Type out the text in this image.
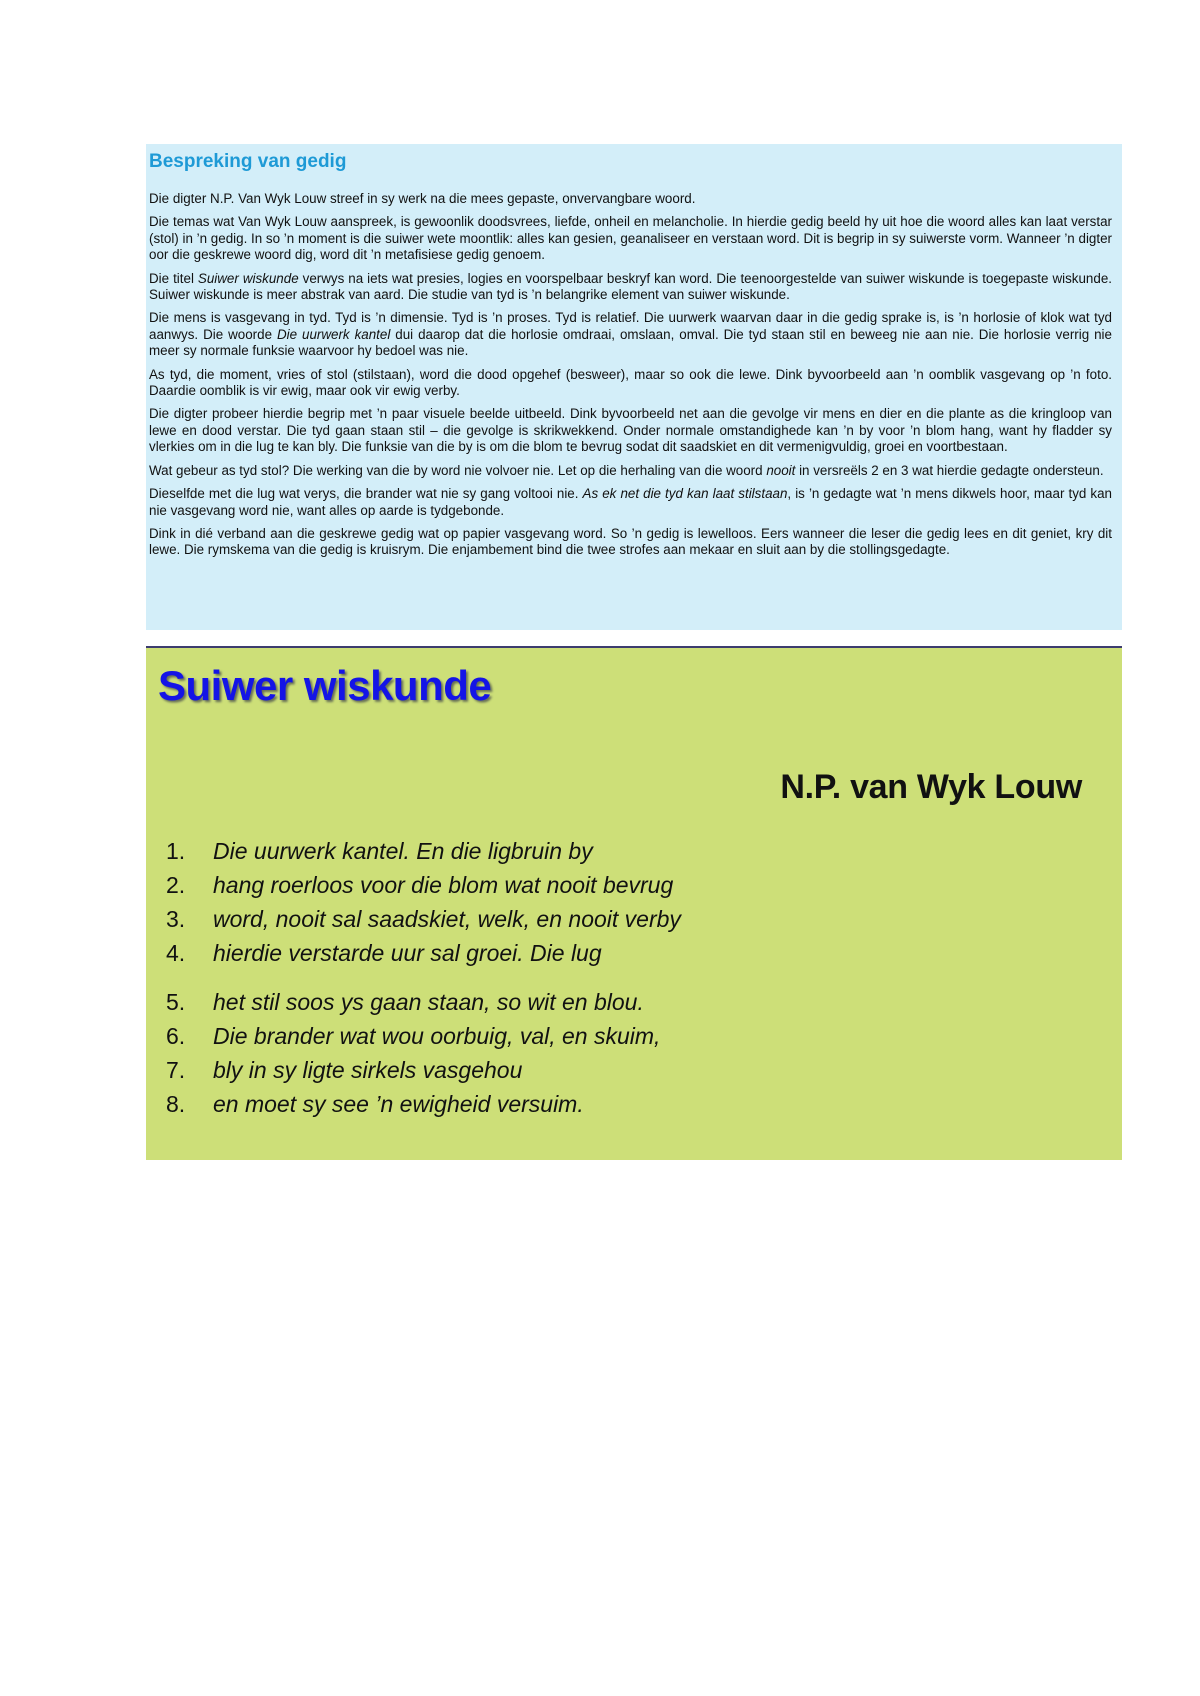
Bespreking van gedig

Die digter N.P. Van Wyk Louw streef in sy werk na die mees gepaste, onvervangbare woord.

Die temas wat Van Wyk Louw aanspreek, is gewoonlik doodsvrees, liefde, onheil en melancholie. In hierdie gedig beeld hy uit hoe die woord alles kan laat verstar (stol) in ’n gedig. In so ’n moment is die suiwer wete moontlik: alles kan gesien, geanaliseer en verstaan word. Dit is begrip in sy suiwerste vorm. Wanneer ’n digter oor die geskrewe woord dig, word dit ’n metafisiese gedig genoem.

Die titel Suiwer wiskunde verwys na iets wat presies, logies en voorspelbaar beskryf kan word. Die teenoorgestelde van suiwer wiskunde is toegepaste wiskunde. Suiwer wiskunde is meer abstrak van aard. Die studie van tyd is ’n belangrike element van suiwer wiskunde.

Die mens is vasgevang in tyd. Tyd is ’n dimensie. Tyd is ’n proses. Tyd is relatief. Die uurwerk waarvan daar in die gedig sprake is, is ’n horlosie of klok wat tyd aanwys. Die woorde Die uurwerk kantel dui daarop dat die horlosie omdraai, omslaan, omval. Die tyd staan stil en beweeg nie aan nie. Die horlosie verrig nie meer sy normale funksie waarvoor hy bedoel was nie.

As tyd, die moment, vries of stol (stilstaan), word die dood opgehef (besweer), maar so ook die lewe. Dink byvoorbeeld aan ’n oomblik vasgevang op ’n foto. Daardie oomblik is vir ewig, maar ook vir ewig verby.

Die digter probeer hierdie begrip met ’n paar visuele beelde uitbeeld. Dink byvoorbeeld net aan die gevolge vir mens en dier en die plante as die kringloop van lewe en dood verstar. Die tyd gaan staan stil – die gevolge is skrikwekkend. Onder normale omstandighede kan ’n by voor ’n blom hang, want hy fladder sy vlerkies om in die lug te kan bly. Die funksie van die by is om die blom te bevrug sodat dit saadskiet en dit vermenigvuldig, groei en voortbestaan.

Wat gebeur as tyd stol? Die werking van die by word nie volvoer nie. Let op die herhaling van die woord nooit in versreëls 2 en 3 wat hierdie gedagte ondersteun.

Dieselfde met die lug wat verys, die brander wat nie sy gang voltooi nie. As ek net die tyd kan laat stilstaan, is ’n gedagte wat ’n mens dikwels hoor, maar tyd kan nie vasgevang word nie, want alles op aarde is tydgebonde.

Dink in dié verband aan die geskrewe gedig wat op papier vasgevang word. So ’n gedig is lewelloos. Eers wanneer die leser die gedig lees en dit geniet, kry dit lewe. Die rymskema van die gedig is kruisrym. Die enjambement bind die twee strofes aan mekaar en sluit aan by die stollingsgedagte.

Suiwer wiskunde
N.P. van Wyk Louw
1. Die uurwerk kantel. En die ligbruin by
2. hang roerloos voor die blom wat nooit bevrug
3. word, nooit sal saadskiet, welk, en nooit verby
4. hierdie verstarde uur sal groei. Die lug
5. het stil soos ys gaan staan, so wit en blou.
6. Die brander wat wou oorbuig, val, en skuim,
7. bly in sy ligte sirkels vasgehou
8. en moet sy see ’n ewigheid versuim.
